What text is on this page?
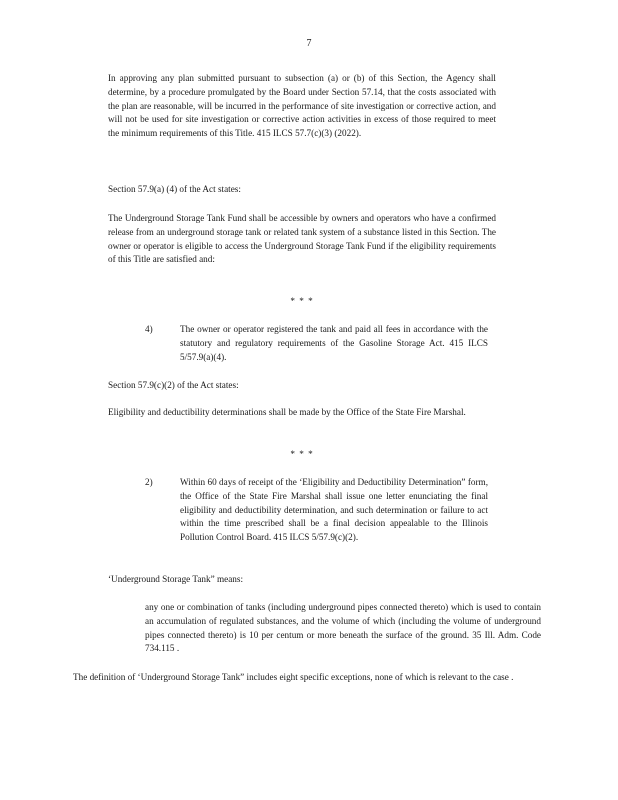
7

In approving any plan submitted pursuant to subsection (a) or (b) of this Section, the Agency shall determine, by a procedure promulgated by the Board under Section 57.14, that the costs associated with the plan are reasonable, will be incurred in the performance of site investigation or corrective action, and will not be used for site investigation or corrective action activities in excess of those required to meet the minimum requirements of this Title. 415 ILCS 57.7(c)(3) (2022).

Section 57.9(a) (4) of the Act states:

The Underground Storage Tank Fund shall be accessible by owners and operators who have a confirmed release from an underground storage tank or related tank system of a substance listed in this Section. The owner or operator is eligible to access the Underground Storage Tank Fund if the eligibility requirements of this Title are satisfied and:

* * *
4)	The owner or operator registered the tank and paid all fees in accordance with the statutory and regulatory requirements of the Gasoline Storage Act. 415 ILCS 5/57.9(a)(4).

Section 57.9(c)(2) of the Act states:

Eligibility and deductibility determinations shall be made by the Office of the State Fire Marshal.

* * *
2)	Within 60 days of receipt of the ‘Eligibility and Deductibility Determination” form, the Office of the State Fire Marshal shall issue one letter enunciating the final eligibility and deductibility determination, and such determination or failure to act within the time prescribed shall be a final decision appealable to the Illinois Pollution Control Board. 415 ILCS 5/57.9(c)(2).

‘Underground Storage Tank” means:

any one or combination of tanks (including underground pipes connected thereto) which is used to contain an accumulation of regulated substances, and the volume of which (including the volume of underground pipes connected thereto) is 10 per centum or more beneath the surface of the ground. 35 Ill. Adm. Code 734.115 .

The definition of ‘Underground Storage Tank” includes eight specific exceptions, none of which is relevant to the case .
